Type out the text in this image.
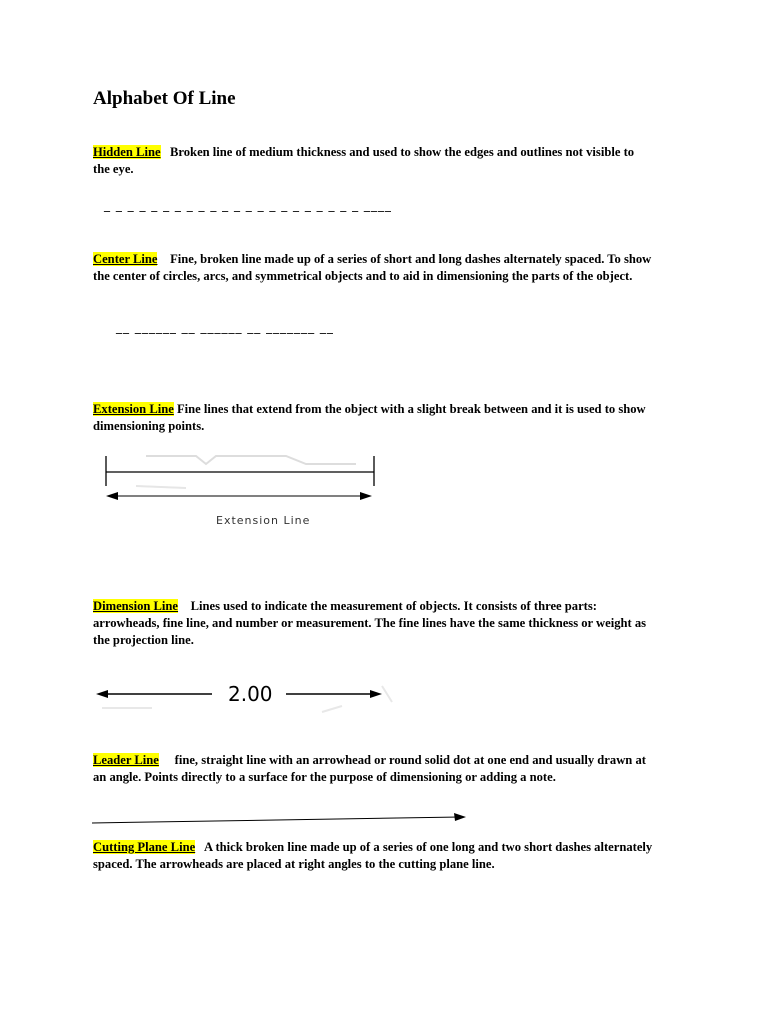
Alphabet Of Line

Hidden Line Broken line of medium thickness and used to show the edges and outlines not visible to the eye.

_ _ _ _ _ _ _ _ _ _ _ _ _ _ _ _ _ _ _ _ _ _ ____

Center Line Fine, broken line made up of a series of short and long dashes alternately spaced. To show the center of circles, arcs, and symmetrical objects and to aid in dimensioning the parts of the object.

__ ______ __ ______ __ _______ __

Extension Line Fine lines that extend from the object with a slight break between and it is used to show dimensioning points.

Extension Line

Dimension Line Lines used to indicate the measurement of objects. It consists of three parts: arrowheads, fine line, and number or measurement. The fine lines have the same thickness or weight as the projection line.

2.00

Leader Line fine, straight line with an arrowhead or round solid dot at one end and usually drawn at an angle. Points directly to a surface for the purpose of dimensioning or adding a note.

Cutting Plane Line A thick broken line made up of a series of one long and two short dashes alternately spaced. The arrowheads are placed at right angles to the cutting plane line.
